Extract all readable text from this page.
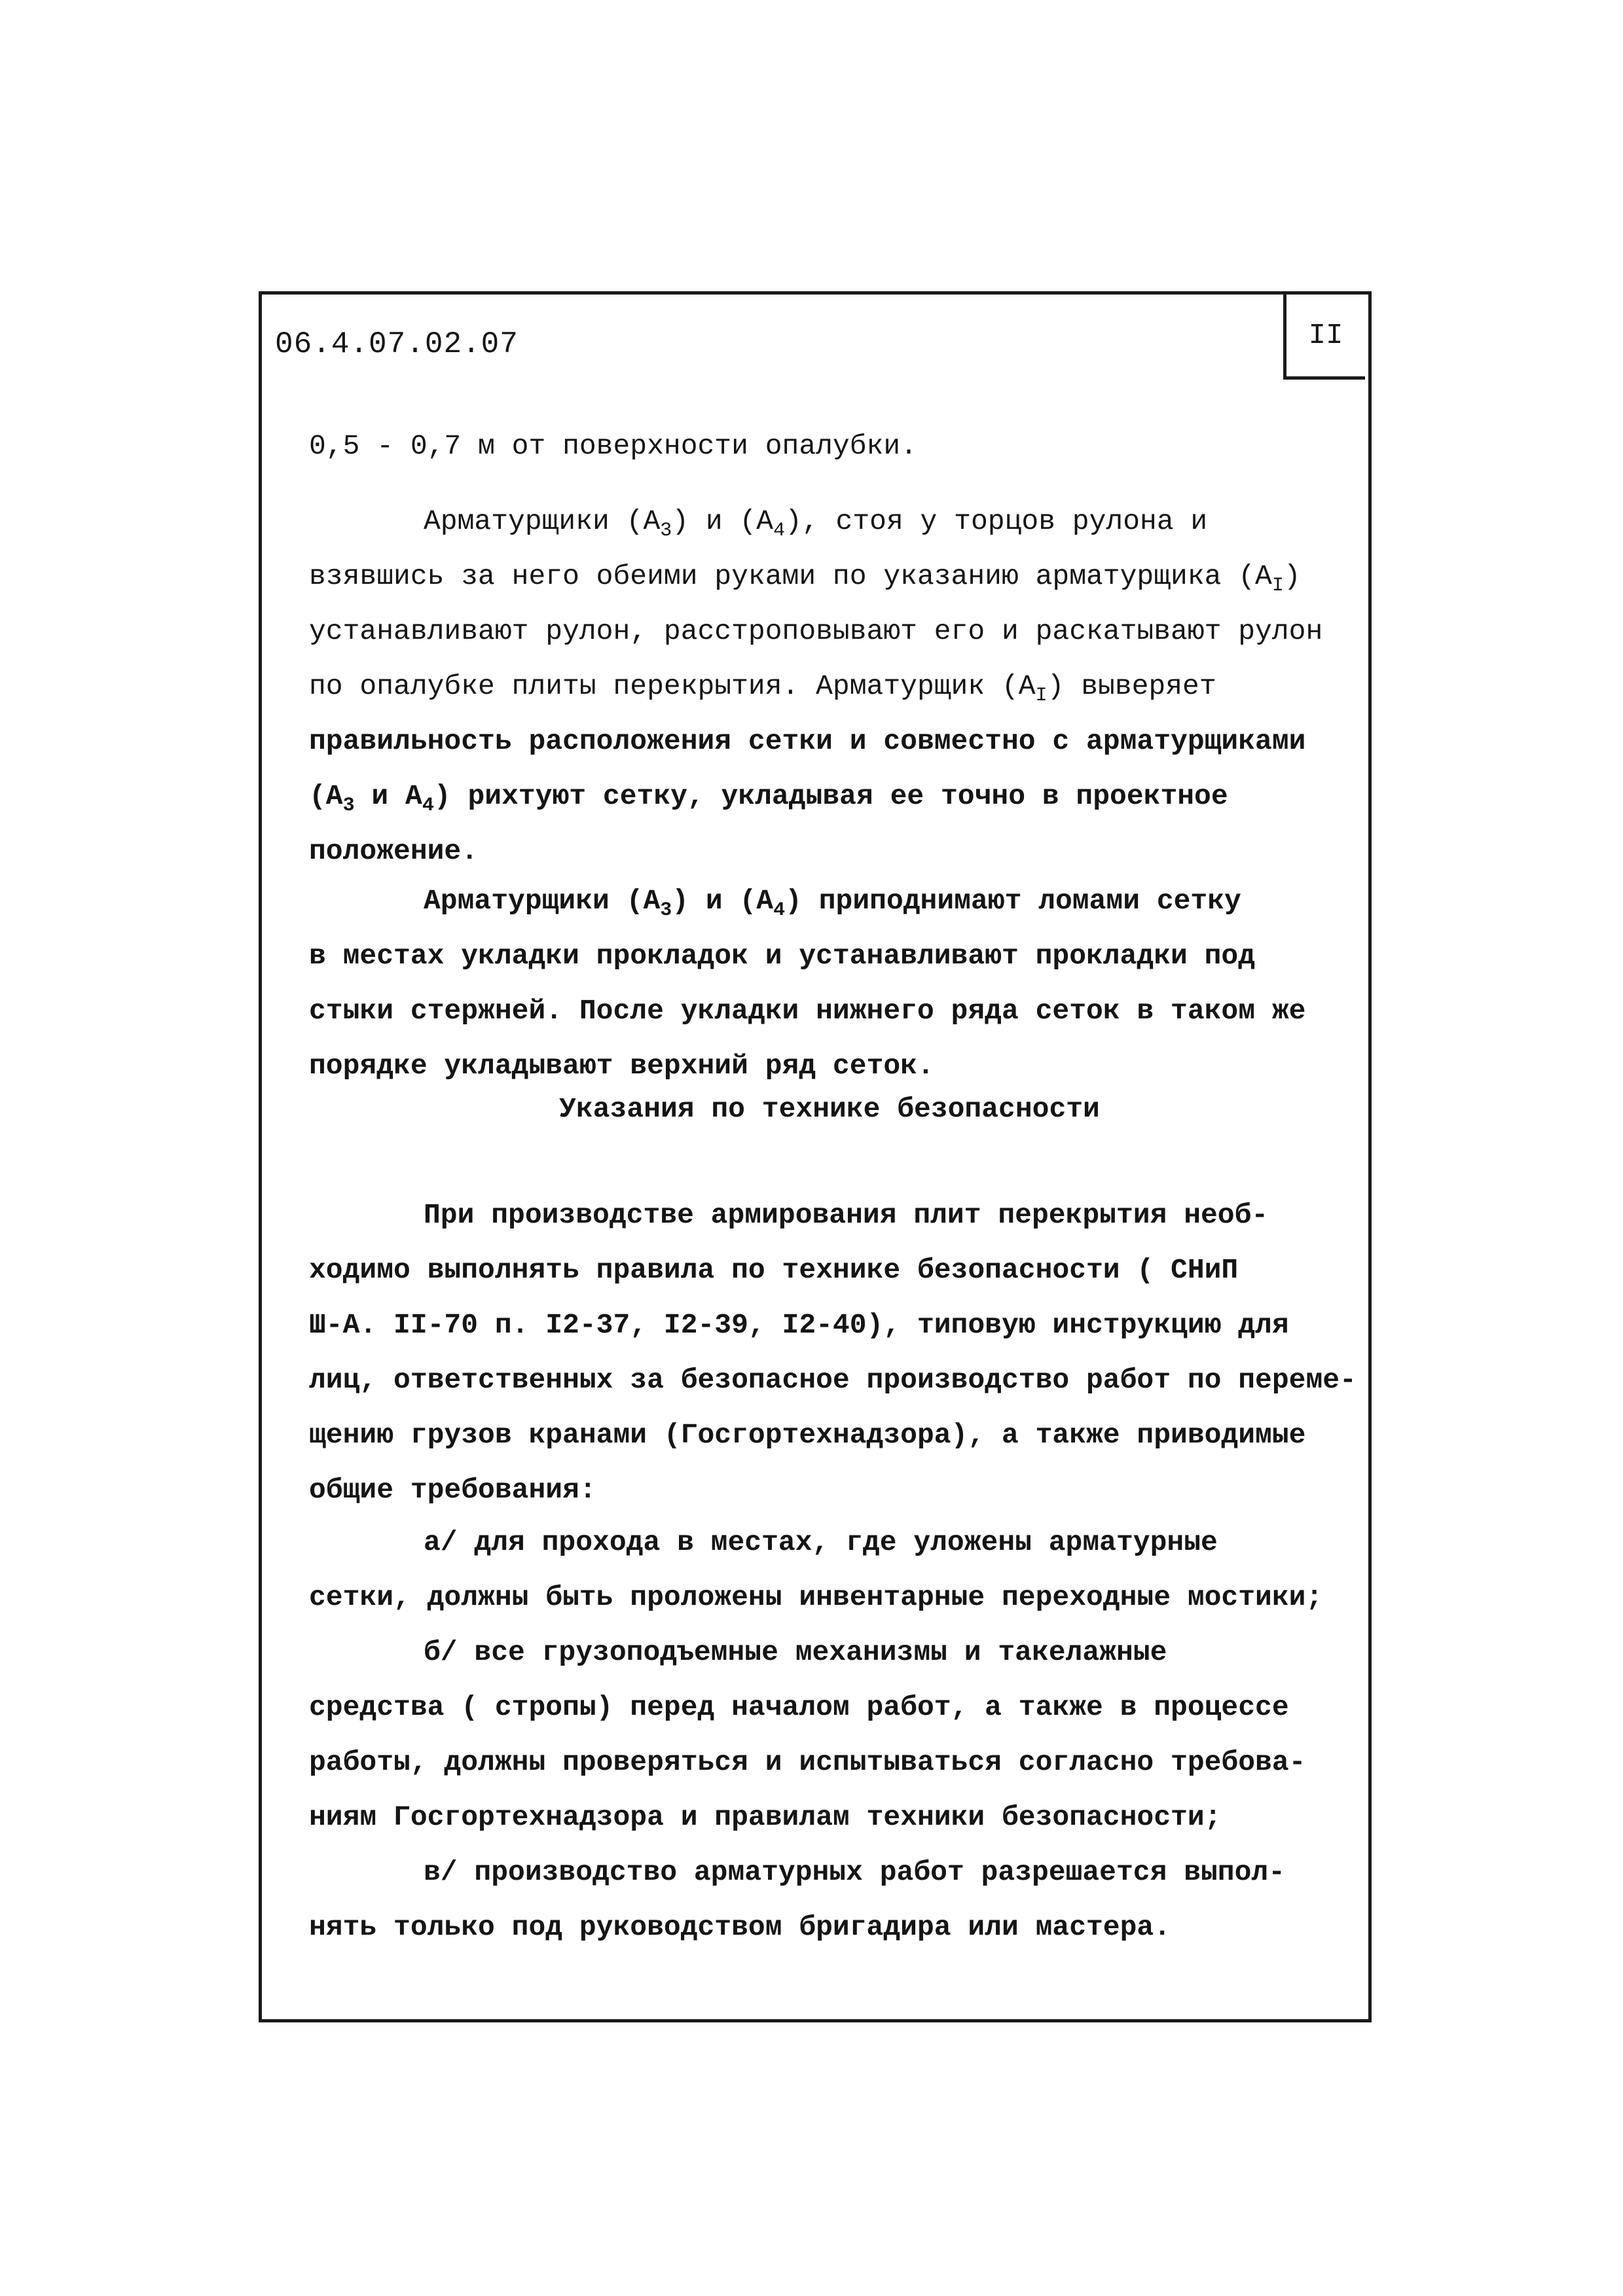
II
06.4.07.02.07
0,5 - 0,7 м от поверхности опалубки.
Арматурщики $(А_3)$ и $(А_4)$, стоя у торцов рулона и
взявшись за него обеими руками по указанию арматурщика $(А_I)$
устанавливают рулон, расстроповывают его и раскатывают рулон
по опалубке плиты перекрытия. Арматурщик $(А_I)$ выверяет
правильность расположения сетки и совместно с арматурщиками
($А_3$ и $А_4$) рихтуют сетку, укладывая ее точно в проектное
положение.
Арматурщики $(А_3)$ и $(А_4)$ приподнимают ломами сетку
в местах укладки прокладок и устанавливают прокладки под
стыки стержней. После укладки нижнего ряда сеток в таком же
порядке укладывают верхний ряд сеток.
Указания по технике безопасности
При производстве армирования плит перекрытия необ-
ходимо выполнять правила по технике безопасности ( СНиП
Ш-А. II-70 п. I2-37, I2-39, I2-40), типовую инструкцию для
лиц, ответственных за безопасное производство работ по переме-
щению грузов кранами (Госгортехнадзора), а также приводимые
общие требования:
а/ для прохода в местах, где уложены арматурные
сетки, должны быть проложены инвентарные переходные мостики;
б/ все грузоподъемные механизмы и такелажные
средства ( стропы) перед началом работ, а также в процессе
работы, должны проверяться и испытываться согласно требова-
ниям Госгортехнадзора и правилам техники безопасности;
в/ производство арматурных работ разрешается выпол-
нять только под руководством бригадира или мастера.
